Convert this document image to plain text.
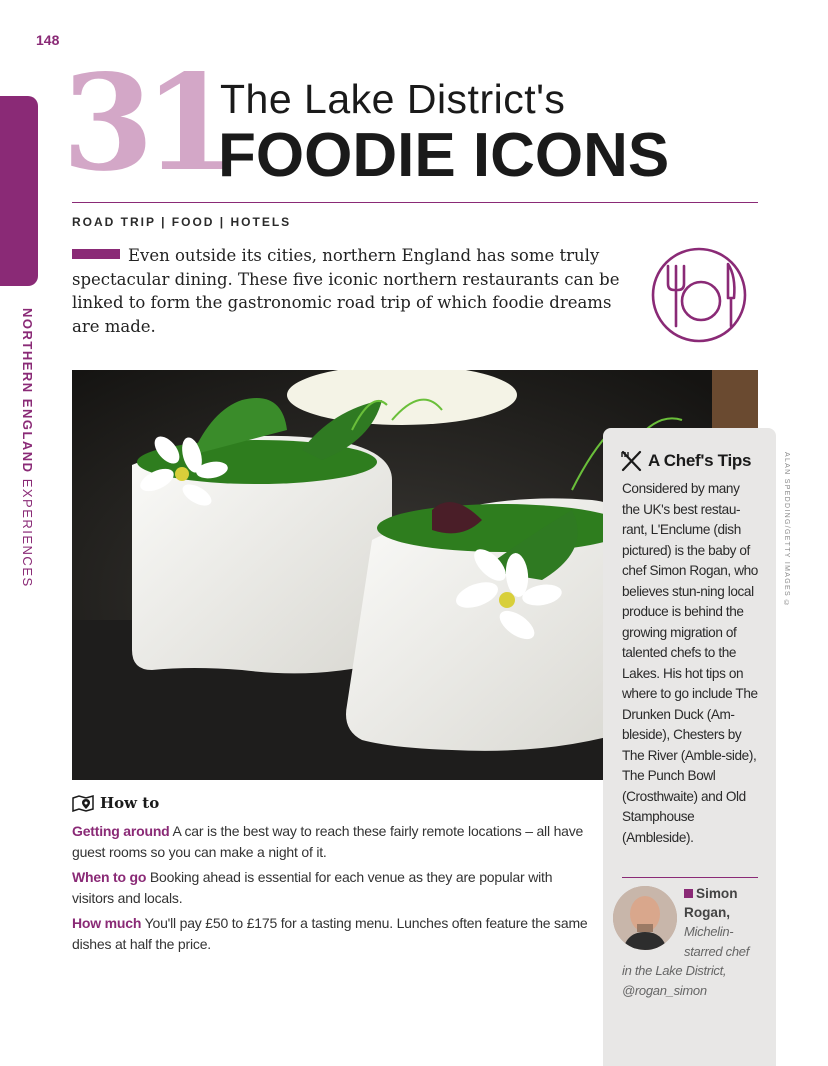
148
NORTHERN ENGLAND EXPERIENCES
31
The Lake District's
FOODIE ICONS
ROAD TRIP | FOOD | HOTELS
Even outside its cities, northern England has some truly spectacular dining. These five iconic northern restaurants can be linked to form the gastronomic road trip of which foodie dreams are made.
A Chef's Tips
Considered by many the UK's best restau-rant, L'Enclume (dish pictured) is the baby of chef Simon Rogan, who believes stun-ning local produce is behind the growing migration of talented chefs to the Lakes. His hot tips on where to go include The Drunken Duck (Am-bleside), Chesters by The River (Amble-side), The Punch Bowl (Crosthwaite) and Old Stamphouse (Ambleside).
Simon Rogan,
Michelin-starred chef
in the Lake District, @rogan_simon
ALAN SPEDDING/GETTY IMAGES ©
How to

Getting around A car is the best way to reach these fairly remote locations – all have guest rooms so you can make a night of it.

When to go Booking ahead is essential for each venue as they are popular with visitors and locals.

How much You'll pay £50 to £175 for a tasting menu. Lunches often feature the same dishes at half the price.
